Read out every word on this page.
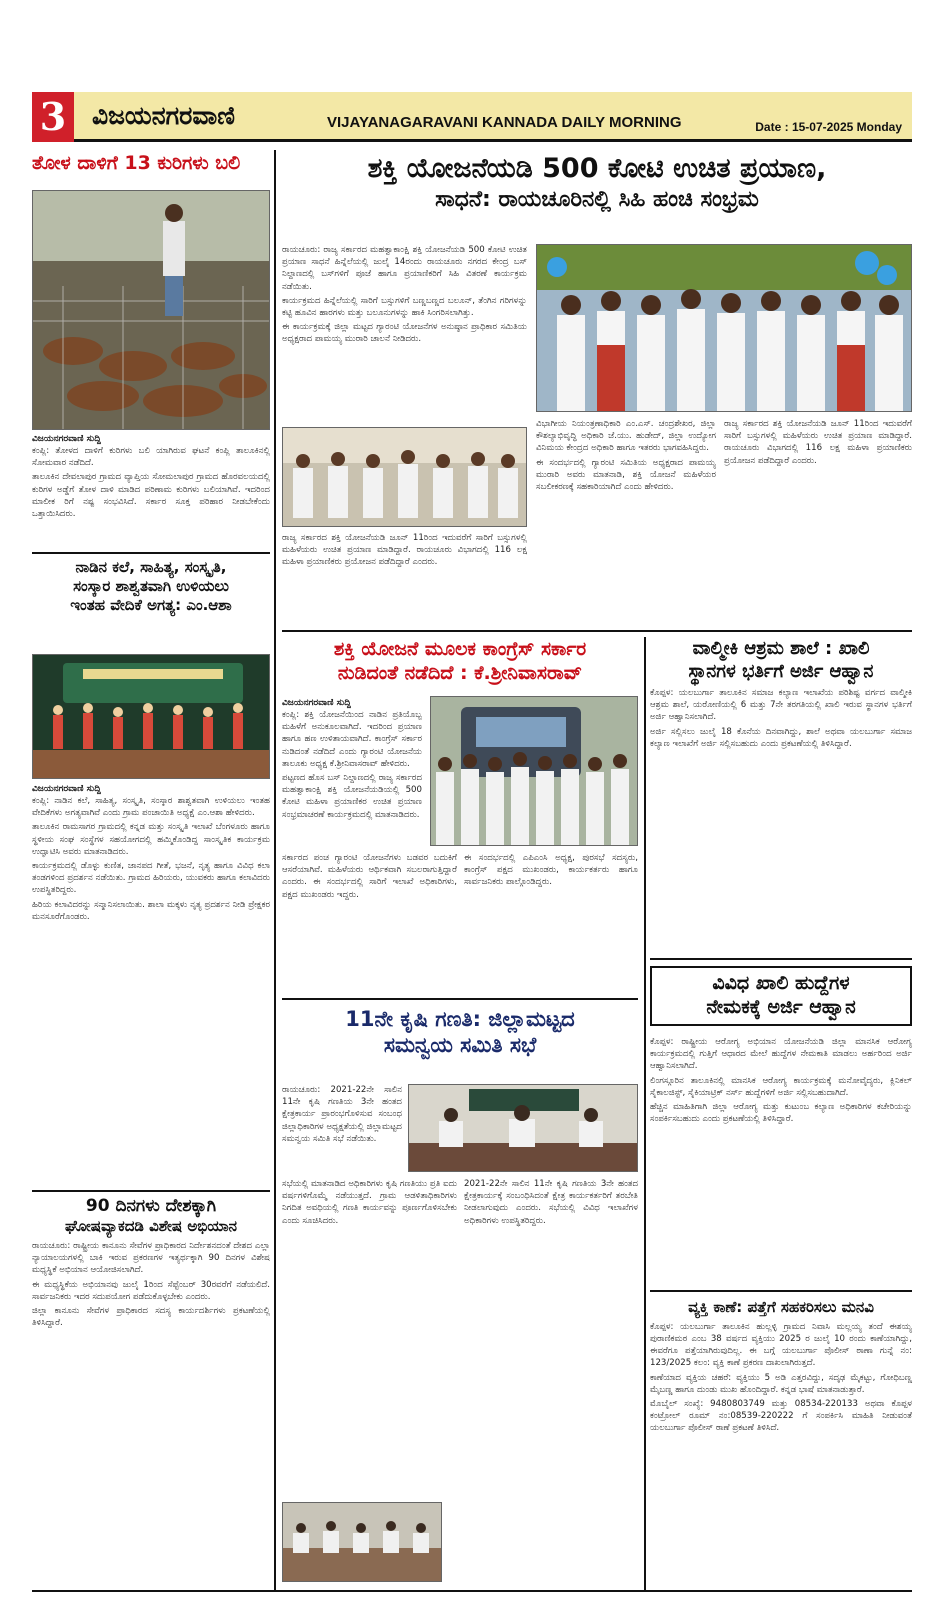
3	ವಿಜಯನಗರವಾಣಿ	VIJAYANAGARAVANI KANNADA DAILY MORNING	Date : 15-07-2025 Monday
ತೋಳ ದಾಳಿಗೆ 13 ಕುರಿಗಳು ಬಲಿ
ವಿಜಯನಗರವಾಣಿ ಸುದ್ದಿ

ಕಂಪ್ಲಿ: ತೋಳದ ದಾಳಿಗೆ ಕುರಿಗಳು ಬಲಿ ಯಾಗಿರುವ ಘಟನೆ ಕಂಪ್ಲಿ ತಾಲೂಕಿನಲ್ಲಿ ಸೋಮವಾರ ನಡೆದಿದೆ.

ತಾಲೂಕಿನ ದೇವಲಾಪುರ ಗ್ರಾಮದ ವ್ಯಾಪ್ತಿಯ ಸೋಮಲಾಪುರ ಗ್ರಾಮದ ಹೊರವಲಯದಲ್ಲಿ ಕುರಿಗಳ ಅಡ್ಡೆಗೆ ತೋಳ ದಾಳಿ ಮಾಡಿದ ಪರಿಣಾಮ ಕುರಿಗಳು ಬಲಿಯಾಗಿವೆ. ಇದರಿಂದ ಮಾಲೀಕ ರಿಗೆ ನಷ್ಟ ಸಂಭವಿಸಿದೆ. ಸರ್ಕಾರ ಸೂಕ್ತ ಪರಿಹಾರ ನೀಡಬೇಕೆಂದು ಒತ್ತಾಯಿಸಿದರು.

ನಾಡಿನ ಕಲೆ, ಸಾಹಿತ್ಯ, ಸಂಸ್ಕೃತಿ,
ಸಂಸ್ಕಾರ ಶಾಶ್ವತವಾಗಿ ಉಳಿಯಲು
ಇಂತಹ ವೇದಿಕೆ ಅಗತ್ಯ: ಎಂ.ಆಶಾ
ವಿಜಯನಗರವಾಣಿ ಸುದ್ದಿ

ಕಂಪ್ಲಿ: ನಾಡಿನ ಕಲೆ, ಸಾಹಿತ್ಯ, ಸಂಸ್ಕೃತಿ, ಸಂಸ್ಕಾರ ಶಾಶ್ವತವಾಗಿ ಉಳಿಯಲು ಇಂತಹ ವೇದಿಕೆಗಳು ಅಗತ್ಯವಾಗಿವೆ ಎಂದು ಗ್ರಾಮ ಪಂಚಾಯಿತಿ ಅಧ್ಯಕ್ಷೆ ಎಂ.ಆಶಾ ಹೇಳಿದರು.

ತಾಲೂಕಿನ ರಾಮಸಾಗರ ಗ್ರಾಮದಲ್ಲಿ ಕನ್ನಡ ಮತ್ತು ಸಂಸ್ಕೃತಿ ಇಲಾಖೆ ಬೆಂಗಳೂರು ಹಾಗೂ ಸ್ಥಳೀಯ ಸಂಘ ಸಂಸ್ಥೆಗಳ ಸಹಯೋಗದಲ್ಲಿ ಹಮ್ಮಿಕೊಂಡಿದ್ದ ಸಾಂಸ್ಕೃತಿಕ ಕಾರ್ಯಕ್ರಮ ಉದ್ಘಾಟಿಸಿ ಅವರು ಮಾತನಾಡಿದರು.

ಕಾರ್ಯಕ್ರಮದಲ್ಲಿ ಡೊಳ್ಳು ಕುಣಿತ, ಜಾನಪದ ಗೀತೆ, ಭಜನೆ, ನೃತ್ಯ ಹಾಗೂ ವಿವಿಧ ಕಲಾ ತಂಡಗಳಿಂದ ಪ್ರದರ್ಶನ ನಡೆಯಿತು. ಗ್ರಾಮದ ಹಿರಿಯರು, ಯುವಕರು ಹಾಗೂ ಕಲಾವಿದರು ಉಪಸ್ಥಿತರಿದ್ದರು.

ಹಿರಿಯ ಕಲಾವಿದರನ್ನು ಸನ್ಮಾನಿಸಲಾಯಿತು. ಶಾಲಾ ಮಕ್ಕಳು ನೃತ್ಯ ಪ್ರದರ್ಶನ ನೀಡಿ ಪ್ರೇಕ್ಷಕರ ಮನಸೂರೆಗೊಂಡರು.

90 ದಿನಗಳು ದೇಶಕ್ಕಾಗಿ
ಘೋಷವ್ಯಾಕದಡಿ ವಿಶೇಷ ಅಭಿಯಾನ

ರಾಯಚೂರು: ರಾಷ್ಟ್ರೀಯ ಕಾನೂನು ಸೇವೆಗಳ ಪ್ರಾಧಿಕಾರದ ನಿರ್ದೇಶನದಂತೆ ದೇಶದ ಎಲ್ಲಾ ನ್ಯಾಯಾಲಯಗಳಲ್ಲಿ ಬಾಕಿ ಇರುವ ಪ್ರಕರಣಗಳ ಇತ್ಯರ್ಥಕ್ಕಾಗಿ 90 ದಿನಗಳ ವಿಶೇಷ ಮಧ್ಯಸ್ಥಿಕೆ ಅಭಿಯಾನ ಆಯೋಜಿಸಲಾಗಿದೆ.

ಈ ಮಧ್ಯಸ್ಥಿಕೆಯ ಅಭಿಯಾನವು ಜುಲೈ 1ರಿಂದ ಸೆಪ್ಟೆಂಬರ್ 30ರವರೆಗೆ ನಡೆಯಲಿದೆ. ಸಾರ್ವಜನಿಕರು ಇದರ ಸದುಪಯೋಗ ಪಡೆದುಕೊಳ್ಳಬೇಕು ಎಂದರು.

ಜಿಲ್ಲಾ ಕಾನೂನು ಸೇವೆಗಳ ಪ್ರಾಧಿಕಾರದ ಸದಸ್ಯ ಕಾರ್ಯದರ್ಶಿಗಳು ಪ್ರಕಟಣೆಯಲ್ಲಿ ತಿಳಿಸಿದ್ದಾರೆ.

ಶಕ್ತಿ ಯೋಜನೆಯಡಿ 500 ಕೋಟಿ ಉಚಿತ ಪ್ರಯಾಣ,
ಸಾಧನೆ: ರಾಯಚೂರಿನಲ್ಲಿ ಸಿಹಿ ಹಂಚಿ ಸಂಭ್ರಮ

ರಾಯಚೂರು: ರಾಜ್ಯ ಸರ್ಕಾರದ ಮಹತ್ವಾಕಾಂಕ್ಷಿ ಶಕ್ತಿ ಯೋಜನೆಯಡಿ 500 ಕೋಟಿ ಉಚಿತ ಪ್ರಯಾಣ ಸಾಧನೆ ಹಿನ್ನೆಲೆಯಲ್ಲಿ ಜುಲೈ 14ರಂದು ರಾಯಚೂರು ನಗರದ ಕೇಂದ್ರ ಬಸ್ ನಿಲ್ದಾಣದಲ್ಲಿ ಬಸ್‌ಗಳಿಗೆ ಪೂಜೆ ಹಾಗೂ ಪ್ರಯಾಣಿಕರಿಗೆ ಸಿಹಿ ವಿತರಣೆ ಕಾರ್ಯಕ್ರಮ ನಡೆಯಿತು.

ಕಾರ್ಯಕ್ರಮದ ಹಿನ್ನೆಲೆಯಲ್ಲಿ ಸಾರಿಗೆ ಬಸ್ಸುಗಳಿಗೆ ಬಣ್ಣಬಣ್ಣದ ಬಲೂನ್, ತೆಂಗಿನ ಗರಿಗಳನ್ನು ಕಟ್ಟಿ ಹೂವಿನ ಹಾರಗಳು ಮತ್ತು ಬಲೂನುಗಳನ್ನು ಹಾಕಿ ಸಿಂಗರಿಸಲಾಗಿತ್ತು.

ಈ ಕಾರ್ಯಕ್ರಮಕ್ಕೆ ಜಿಲ್ಲಾ ಮಟ್ಟದ ಗ್ಯಾರಂಟಿ ಯೋಜನೆಗಳ ಅನುಷ್ಠಾನ ಪ್ರಾಧಿಕಾರ ಸಮಿತಿಯ ಅಧ್ಯಕ್ಷರಾದ ಪಾಮಯ್ಯ ಮುರಾರಿ ಚಾಲನೆ ನೀಡಿದರು.

ರಾಜ್ಯ ಸರ್ಕಾರದ ಶಕ್ತಿ ಯೋಜನೆಯಡಿ ಜೂನ್ 11ರಿಂದ ಇದುವರೆಗೆ ಸಾರಿಗೆ ಬಸ್ಸುಗಳಲ್ಲಿ ಮಹಿಳೆಯರು ಉಚಿತ ಪ್ರಯಾಣ ಮಾಡಿದ್ದಾರೆ. ರಾಯಚೂರು ವಿಭಾಗದಲ್ಲಿ 116 ಲಕ್ಷ ಮಹಿಳಾ ಪ್ರಯಾಣಿಕರು ಪ್ರಯೋಜನ ಪಡೆದಿದ್ದಾರೆ ಎಂದರು.

ವಿಭಾಗೀಯ ನಿಯಂತ್ರಣಾಧಿಕಾರಿ ಎಂ.ಎಸ್. ಚಂದ್ರಶೇಖರ, ಜಿಲ್ಲಾ ಕೌಶಲ್ಯಾಭಿವೃದ್ಧಿ ಅಧಿಕಾರಿ ಜೆ.ಯು. ಹುಡೇದ್, ಜಿಲ್ಲಾ ಉದ್ಯೋಗ ವಿನಿಮಯ ಕೇಂದ್ರದ ಅಧಿಕಾರಿ ಹಾಗೂ ಇತರರು ಭಾಗವಹಿಸಿದ್ದರು.

ಈ ಸಂದರ್ಭದಲ್ಲಿ ಗ್ಯಾರಂಟಿ ಸಮಿತಿಯ ಅಧ್ಯಕ್ಷರಾದ ಪಾಮಯ್ಯ ಮುರಾರಿ ಅವರು ಮಾತನಾಡಿ, ಶಕ್ತಿ ಯೋಜನೆ ಮಹಿಳೆಯರ ಸಬಲೀಕರಣಕ್ಕೆ ಸಹಕಾರಿಯಾಗಿದೆ ಎಂದು ಹೇಳಿದರು.

ರಾಜ್ಯ ಸರ್ಕಾರದ ಶಕ್ತಿ ಯೋಜನೆಯಡಿ ಜೂನ್ 11ರಿಂದ ಇದುವರೆಗೆ ಸಾರಿಗೆ ಬಸ್ಸುಗಳಲ್ಲಿ ಮಹಿಳೆಯರು ಉಚಿತ ಪ್ರಯಾಣ ಮಾಡಿದ್ದಾರೆ. ರಾಯಚೂರು ವಿಭಾಗದಲ್ಲಿ 116 ಲಕ್ಷ ಮಹಿಳಾ ಪ್ರಯಾಣಿಕರು ಪ್ರಯೋಜನ ಪಡೆದಿದ್ದಾರೆ ಎಂದರು.

ಶಕ್ತಿ ಯೋಜನೆ ಮೂಲಕ ಕಾಂಗ್ರೆಸ್ ಸರ್ಕಾರ
ನುಡಿದಂತೆ ನಡೆದಿದೆ : ಕೆ.ಶ್ರೀನಿವಾಸರಾವ್
ವಿಜಯನಗರವಾಣಿ ಸುದ್ದಿ

ಕಂಪ್ಲಿ: ಶಕ್ತಿ ಯೋಜನೆಯಿಂದ ನಾಡಿನ ಪ್ರತಿಯೊಬ್ಬ ಮಹಿಳೆಗೆ ಅನುಕೂಲವಾಗಿದೆ. ಇದರಿಂದ ಪ್ರಯಾಣ ಹಾಗೂ ಹಣ ಉಳಿತಾಯವಾಗಿದೆ. ಕಾಂಗ್ರೆಸ್ ಸರ್ಕಾರ ನುಡಿದಂತೆ ನಡೆದಿದೆ ಎಂದು ಗ್ಯಾರಂಟಿ ಯೋಜನೆಯ ತಾಲೂಕು ಅಧ್ಯಕ್ಷ ಕೆ.ಶ್ರೀನಿವಾಸರಾವ್ ಹೇಳಿದರು.

ಪಟ್ಟಣದ ಹೊಸ ಬಸ್ ನಿಲ್ದಾಣದಲ್ಲಿ ರಾಜ್ಯ ಸರ್ಕಾರದ ಮಹತ್ವಾಕಾಂಕ್ಷಿ ಶಕ್ತಿ ಯೋಜನೆಯಡಿಯಲ್ಲಿ 500 ಕೋಟಿ ಮಹಿಳಾ ಪ್ರಯಾಣಿಕರ ಉಚಿತ ಪ್ರಯಾಣ ಸಂಭ್ರಮಾಚರಣೆ ಕಾರ್ಯಕ್ರಮದಲ್ಲಿ ಮಾತನಾಡಿದರು.

ಸರ್ಕಾರದ ಪಂಚ ಗ್ಯಾರಂಟಿ ಯೋಜನೆಗಳು ಬಡವರ ಬದುಕಿಗೆ ಆಸರೆಯಾಗಿವೆ. ಮಹಿಳೆಯರು ಆರ್ಥಿಕವಾಗಿ ಸಬಲರಾಗುತ್ತಿದ್ದಾರೆ ಎಂದರು. ಈ ಸಂದರ್ಭದಲ್ಲಿ ಸಾರಿಗೆ ಇಲಾಖೆ ಅಧಿಕಾರಿಗಳು, ಪಕ್ಷದ ಮುಖಂಡರು ಇದ್ದರು.

ಈ ಸಂದರ್ಭದಲ್ಲಿ ಎಪಿಎಂಸಿ ಅಧ್ಯಕ್ಷ, ಪುರಸಭೆ ಸದಸ್ಯರು, ಕಾಂಗ್ರೆಸ್ ಪಕ್ಷದ ಮುಖಂಡರು, ಕಾರ್ಯಕರ್ತರು ಹಾಗೂ ಸಾರ್ವಜನಿಕರು ಪಾಲ್ಗೊಂಡಿದ್ದರು.

11ನೇ ಕೃಷಿ ಗಣತಿ: ಜಿಲ್ಲಾಮಟ್ಟದ
ಸಮನ್ವಯ ಸಮಿತಿ ಸಭೆ

ರಾಯಚೂರು: 2021-22ನೇ ಸಾಲಿನ 11ನೇ ಕೃಷಿ ಗಣತಿಯ 3ನೇ ಹಂತದ ಕ್ಷೇತ್ರಕಾರ್ಯ ಪ್ರಾರಂಭಗೊಳಿಸುವ ಸಂಬಂಧ ಜಿಲ್ಲಾಧಿಕಾರಿಗಳ ಅಧ್ಯಕ್ಷತೆಯಲ್ಲಿ ಜಿಲ್ಲಾಮಟ್ಟದ ಸಮನ್ವಯ ಸಮಿತಿ ಸಭೆ ನಡೆಯಿತು.

ಸಭೆಯಲ್ಲಿ ಮಾತನಾಡಿದ ಅಧಿಕಾರಿಗಳು ಕೃಷಿ ಗಣತಿಯು ಪ್ರತಿ ಐದು ವರ್ಷಗಳಿಗೊಮ್ಮೆ ನಡೆಯುತ್ತದೆ. ಗ್ರಾಮ ಆಡಳಿತಾಧಿಕಾರಿಗಳು ನಿಗದಿತ ಅವಧಿಯಲ್ಲಿ ಗಣತಿ ಕಾರ್ಯವನ್ನು ಪೂರ್ಣಗೊಳಿಸಬೇಕು ಎಂದು ಸೂಚಿಸಿದರು.

2021-22ನೇ ಸಾಲಿನ 11ನೇ ಕೃಷಿ ಗಣತಿಯ 3ನೇ ಹಂತದ ಕ್ಷೇತ್ರಕಾರ್ಯಕ್ಕೆ ಸಂಬಂಧಿಸಿದಂತೆ ಕ್ಷೇತ್ರ ಕಾರ್ಯಕರ್ತರಿಗೆ ತರಬೇತಿ ನೀಡಲಾಗುವುದು ಎಂದರು. ಸಭೆಯಲ್ಲಿ ವಿವಿಧ ಇಲಾಖೆಗಳ ಅಧಿಕಾರಿಗಳು ಉಪಸ್ಥಿತರಿದ್ದರು.

ವಾಲ್ಮೀಕಿ ಆಶ್ರಮ ಶಾಲೆ : ಖಾಲಿ
ಸ್ಥಾನಗಳ ಭರ್ತಿಗೆ ಅರ್ಜಿ ಆಹ್ವಾನ

ಕೊಪ್ಪಳ: ಯಲಬುರ್ಗಾ ತಾಲೂಕಿನ ಸಮಾಜ ಕಲ್ಯಾಣ ಇಲಾಖೆಯ ಪರಿಶಿಷ್ಟ ವರ್ಗದ ವಾಲ್ಮೀಕಿ ಆಶ್ರಮ ಶಾಲೆ, ಯರೋಣಿಯಲ್ಲಿ 6 ಮತ್ತು 7ನೇ ತರಗತಿಯಲ್ಲಿ ಖಾಲಿ ಇರುವ ಸ್ಥಾನಗಳ ಭರ್ತಿಗೆ ಅರ್ಜಿ ಆಹ್ವಾನಿಸಲಾಗಿದೆ.

ಅರ್ಜಿ ಸಲ್ಲಿಸಲು ಜುಲೈ 18 ಕೊನೆಯ ದಿನವಾಗಿದ್ದು, ಶಾಲೆ ಅಥವಾ ಯಲಬುರ್ಗಾ ಸಮಾಜ ಕಲ್ಯಾಣ ಇಲಾಖೆಗೆ ಅರ್ಜಿ ಸಲ್ಲಿಸಬಹುದು ಎಂದು ಪ್ರಕಟಣೆಯಲ್ಲಿ ತಿಳಿಸಿದ್ದಾರೆ.

ವಿವಿಧ ಖಾಲಿ ಹುದ್ದೆಗಳ
ನೇಮಕಕ್ಕೆ ಅರ್ಜಿ ಆಹ್ವಾನ

ಕೊಪ್ಪಳ: ರಾಷ್ಟ್ರೀಯ ಆರೋಗ್ಯ ಅಭಿಯಾನ ಯೋಜನೆಯಡಿ ಜಿಲ್ಲಾ ಮಾನಸಿಕ ಆರೋಗ್ಯ ಕಾರ್ಯಕ್ರಮದಲ್ಲಿ ಗುತ್ತಿಗೆ ಆಧಾರದ ಮೇಲೆ ಹುದ್ದೆಗಳ ನೇಮಕಾತಿ ಮಾಡಲು ಅರ್ಹರಿಂದ ಅರ್ಜಿ ಆಹ್ವಾನಿಸಲಾಗಿದೆ.

ಲಿಂಗಸ್ಗೂರಿನ ತಾಲೂಕಿನಲ್ಲಿ ಮಾನಸಿಕ ಆರೋಗ್ಯ ಕಾರ್ಯಕ್ರಮಕ್ಕೆ ಮನೋವೈದ್ಯರು, ಕ್ಲಿನಿಕಲ್ ಸೈಕಾಲಜಿಸ್ಟ್, ಸೈಕಿಯಾಟ್ರಿಕ್ ನರ್ಸ್ ಹುದ್ದೆಗಳಿಗೆ ಅರ್ಜಿ ಸಲ್ಲಿಸಬಹುದಾಗಿದೆ.

ಹೆಚ್ಚಿನ ಮಾಹಿತಿಗಾಗಿ ಜಿಲ್ಲಾ ಆರೋಗ್ಯ ಮತ್ತು ಕುಟುಂಬ ಕಲ್ಯಾಣ ಅಧಿಕಾರಿಗಳ ಕಚೇರಿಯನ್ನು ಸಂಪರ್ಕಿಸಬಹುದು ಎಂದು ಪ್ರಕಟಣೆಯಲ್ಲಿ ತಿಳಿಸಿದ್ದಾರೆ.

ವ್ಯಕ್ತಿ ಕಾಣೆ: ಪತ್ತೆಗೆ ಸಹಕರಿಸಲು ಮನವಿ

ಕೊಪ್ಪಳ: ಯಲಬುರ್ಗಾ ತಾಲೂಕಿನ ಹುಲ್ಲಳ್ಳಿ ಗ್ರಾಮದ ನಿವಾಸಿ ಮಲ್ಲಯ್ಯ ತಂದೆ ಈಶಯ್ಯ ಪುರಾಣಿಕಮಠ ಎಂಬ 38 ವರ್ಷದ ವ್ಯಕ್ತಿಯು 2025 ರ ಜುಲೈ 10 ರಂದು ಕಾಣೆಯಾಗಿದ್ದು, ಈವರೆಗೂ ಪತ್ತೆಯಾಗಿರುವುದಿಲ್ಲ. ಈ ಬಗ್ಗೆ ಯಲಬುರ್ಗಾ ಪೊಲೀಸ್ ಠಾಣಾ ಗುನ್ನೆ ನಂ: 123/2025 ಕಲಂ: ವ್ಯಕ್ತಿ ಕಾಣೆ ಪ್ರಕರಣ ದಾಖಲಾಗಿರುತ್ತದೆ.

ಕಾಣೆಯಾದ ವ್ಯಕ್ತಿಯ ಚಹರೆ: ವ್ಯಕ್ತಿಯು 5 ಅಡಿ ಎತ್ತರವಿದ್ದು, ಸದೃಢ ಮೈಕಟ್ಟು, ಗೋಧಿಬಣ್ಣ ಮೈಬಣ್ಣ ಹಾಗೂ ದುಂಡು ಮುಖ ಹೊಂದಿದ್ದಾರೆ. ಕನ್ನಡ ಭಾಷೆ ಮಾತನಾಡುತ್ತಾರೆ.

ಮೊಬೈಲ್ ಸಂಖ್ಯೆ: 9480803749 ಮತ್ತು 08534-220133 ಅಥವಾ ಕೊಪ್ಪಳ ಕಂಟ್ರೋಲ್ ರೂಮ್ ನಂ:08539-220222 ಗೆ ಸಂಪರ್ಕಿಸಿ ಮಾಹಿತಿ ನೀಡುವಂತೆ ಯಲಬುರ್ಗಾ ಪೊಲೀಸ್ ಠಾಣೆ ಪ್ರಕಟಣೆ ತಿಳಿಸಿದೆ.
